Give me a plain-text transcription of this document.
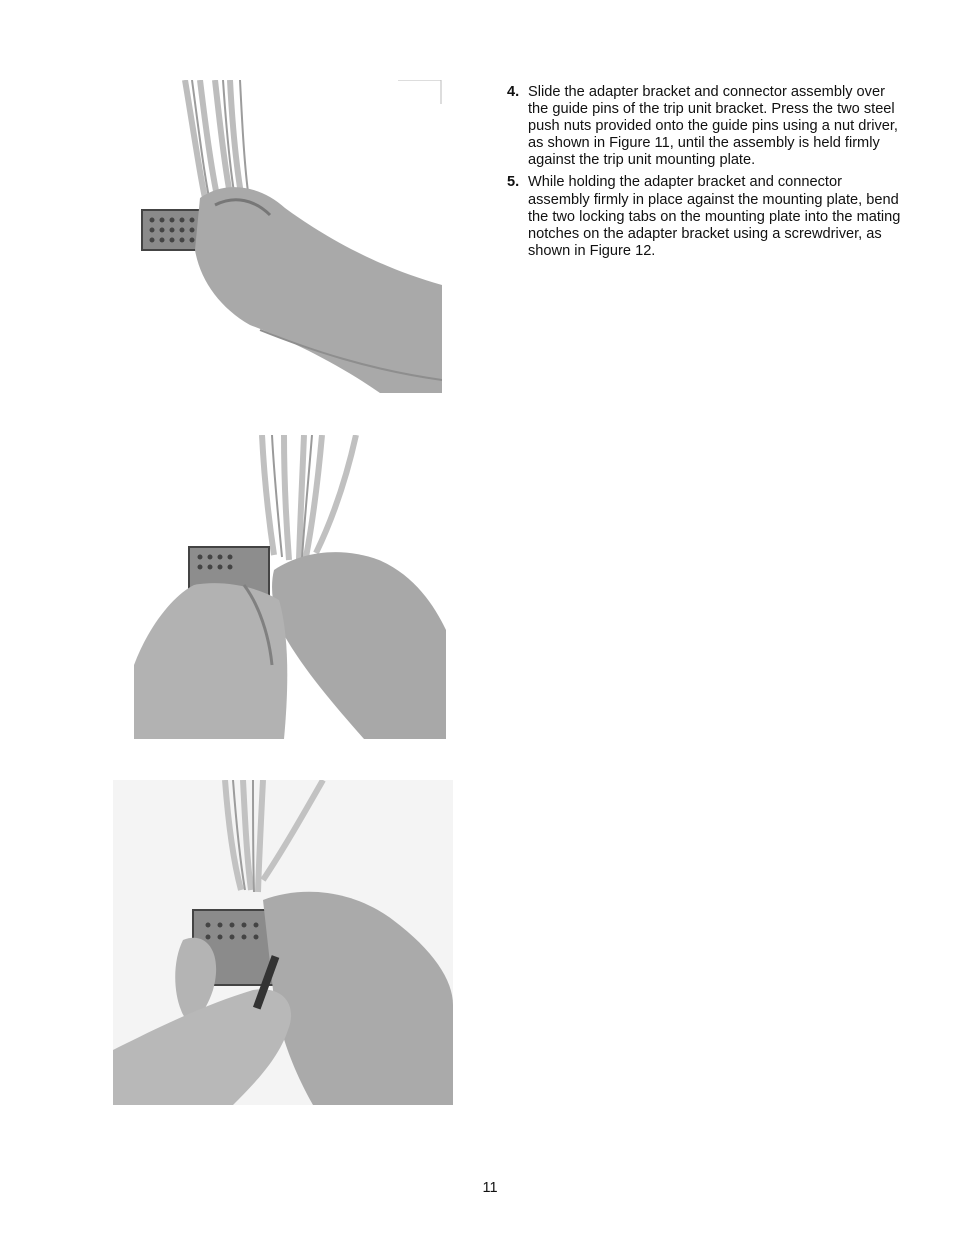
4. Slide the adapter bracket and connector assembly over the guide pins of the trip unit bracket. Press the two steel push nuts provided onto the guide pins using a nut driver, as shown in Figure 11, until the assembly is held firmly against the trip unit mounting plate.
5. While holding the adapter bracket and connector assembly firmly in place against the mounting plate, bend the two locking tabs on the mounting plate into the mating notches on the adapter bracket using a screwdriver, as shown in Figure 12.
11
